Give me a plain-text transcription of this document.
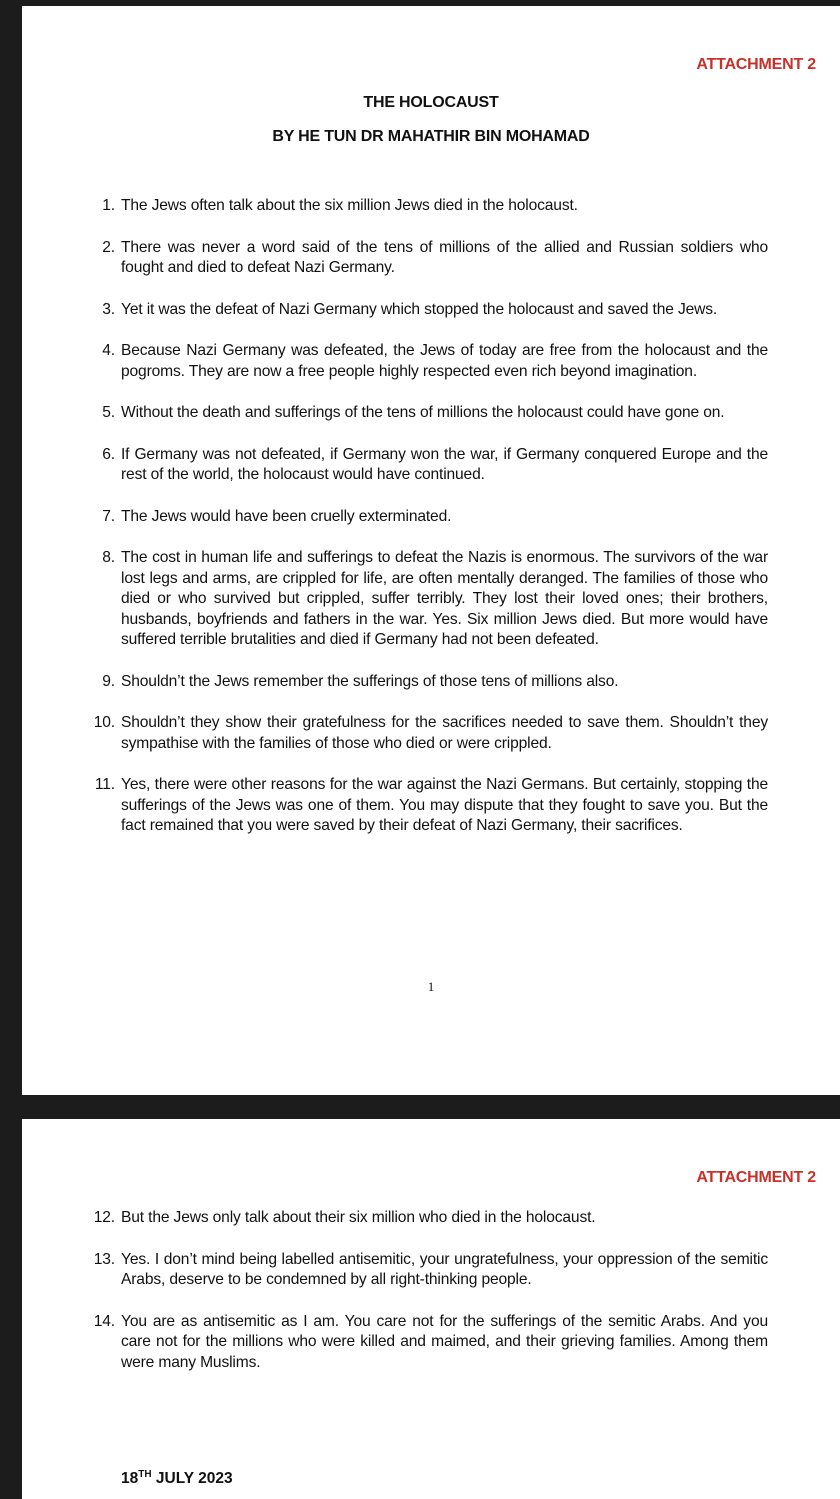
ATTACHMENT 2
THE HOLOCAUST
BY HE TUN DR MAHATHIR BIN MOHAMAD
1. The Jews often talk about the six million Jews died in the holocaust.
2. There was never a word said of the tens of millions of the allied and Russian soldiers who fought and died to defeat Nazi Germany.
3. Yet it was the defeat of Nazi Germany which stopped the holocaust and saved the Jews.
4. Because Nazi Germany was defeated, the Jews of today are free from the holocaust and the pogroms. They are now a free people highly respected even rich beyond imagination.
5. Without the death and sufferings of the tens of millions the holocaust could have gone on.
6. If Germany was not defeated, if Germany won the war, if Germany conquered Europe and the rest of the world, the holocaust would have continued.
7. The Jews would have been cruelly exterminated.
8. The cost in human life and sufferings to defeat the Nazis is enormous. The survivors of the war lost legs and arms, are crippled for life, are often mentally deranged. The families of those who died or who survived but crippled, suffer terribly. They lost their loved ones; their brothers, husbands, boyfriends and fathers in the war. Yes. Six million Jews died. But more would have suffered terrible brutalities and died if Germany had not been defeated.
9. Shouldn’t the Jews remember the sufferings of those tens of millions also.
10. Shouldn’t they show their gratefulness for the sacrifices needed to save them. Shouldn’t they sympathise with the families of those who died or were crippled.
11. Yes, there were other reasons for the war against the Nazi Germans. But certainly, stopping the sufferings of the Jews was one of them. You may dispute that they fought to save you. But the fact remained that you were saved by their defeat of Nazi Germany, their sacrifices.
1
ATTACHMENT 2
12. But the Jews only talk about their six million who died in the holocaust.
13. Yes. I don’t mind being labelled antisemitic, your ungratefulness, your oppression of the semitic Arabs, deserve to be condemned by all right-thinking people.
14. You are as antisemitic as I am. You care not for the sufferings of the semitic Arabs. And you care not for the millions who were killed and maimed, and their grieving families. Among them were many Muslims.
18TH JULY 2023
